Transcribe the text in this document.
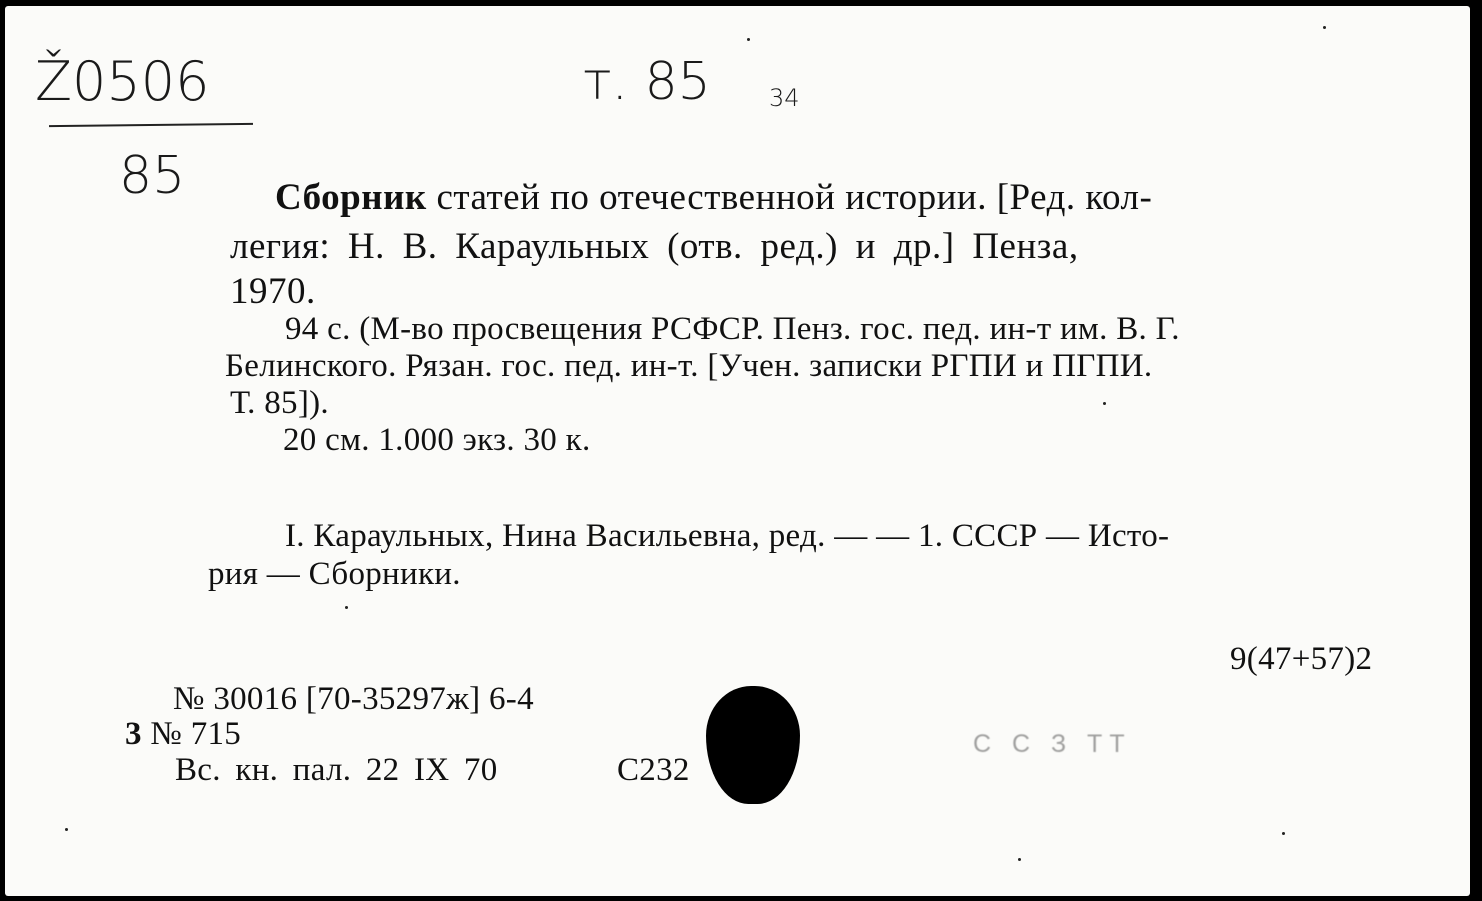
Ž0506
85
т. 85 34
Сборник статей по отечественной истории. [Ред. кол-
легия: Н. В. Караульных (отв. ред.) и др.] Пенза,
1970.
94 с. (М-во просвещения РСФСР. Пенз. гос. пед. ин-т им. В. Г.
Белинского. Рязан. гос. пед. ин-т. [Учен. записки РГПИ и ПГПИ.
Т. 85]).
20 см. 1.000 экз. 30 к.
I. Караульных, Нина Васильевна, ред. — — 1. СССР — Исто-
рия — Сборники.
9(47+57)2
№ 30016 [70-35297ж] 6-4
3 № 715
Вс. кн. пал. 22 IX 70	С232
С С З ТТ
